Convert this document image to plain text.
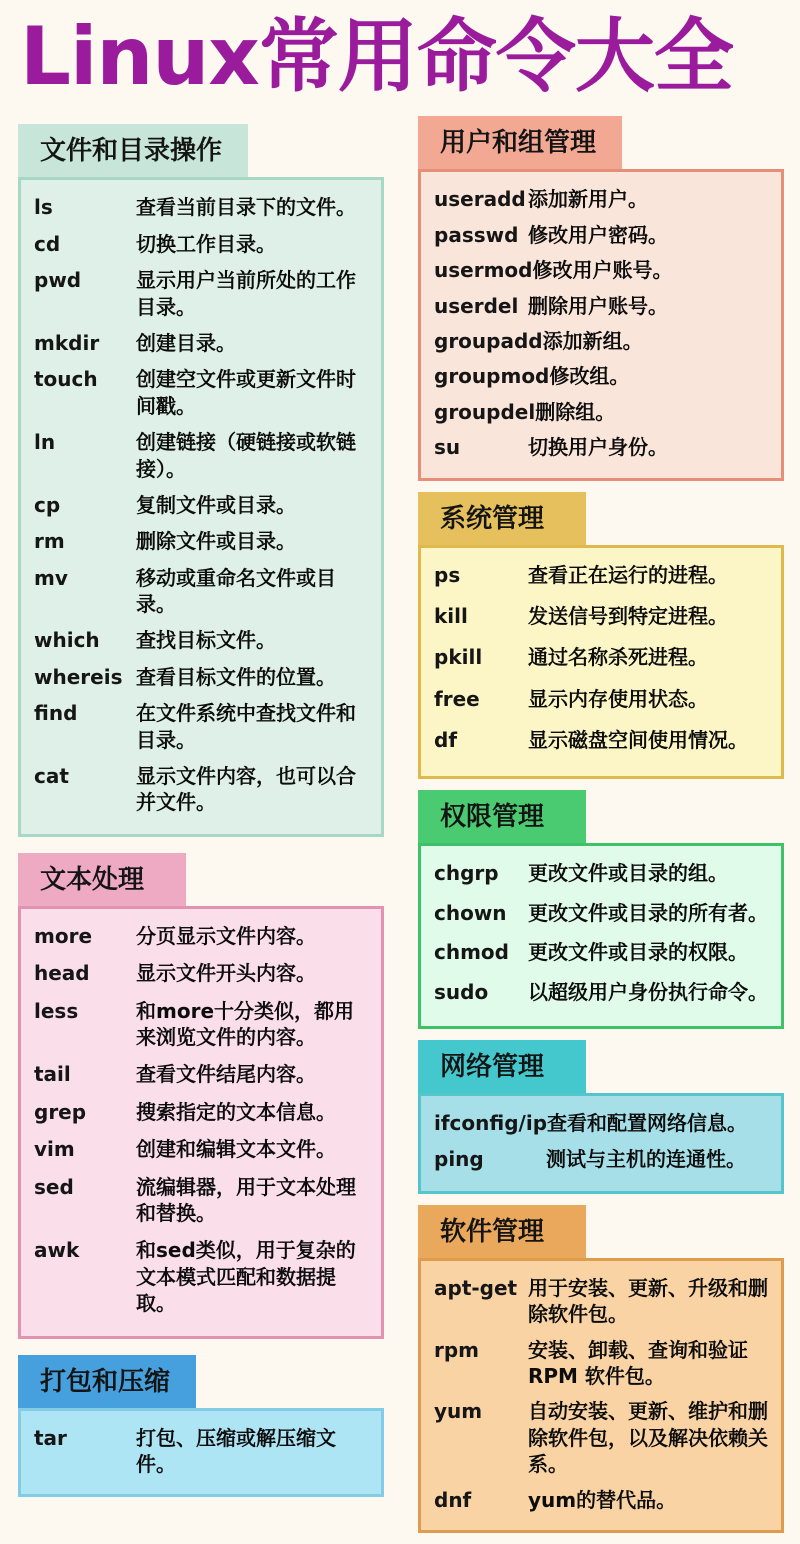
Linux常用命令大全
文件和目录操作
ls	查看当前目录下的文件。
cd	切换工作目录。
pwd	显示用户当前所处的工作目录。
mkdir	创建目录。
touch	创建空文件或更新文件时间戳。
ln	创建链接（硬链接或软链接）。
cp	复制文件或目录。
rm	删除文件或目录。
mv	移动或重命名文件或目录。
which	查找目标文件。
whereis 查看目标文件的位置。
find	在文件系统中查找文件和目录。
cat	显示文件内容，也可以合并文件。
文本处理
more	分页显示文件内容。
head	显示文件开头内容。
less	和more十分类似，都用来浏览文件的内容。
tail	查看文件结尾内容。
grep	搜索指定的文本信息。
vim	创建和编辑文本文件。
sed	流编辑器，用于文本处理和替换。
awk	和sed类似，用于复杂的文本模式匹配和数据提取。
打包和压缩
tar	打包、压缩或解压缩文件。
用户和组管理
useradd 添加新用户。
passwd 修改用户密码。
usermod 修改用户账号。
userdel 删除用户账号。
groupadd 添加新组。
groupmod 修改组。
groupdel 删除组。
su	切换用户身份。
系统管理
ps	查看正在运行的进程。
kill	发送信号到特定进程。
pkill	通过名称杀死进程。
free	显示内存使用状态。
df	显示磁盘空间使用情况。
权限管理
chgrp	更改文件或目录的组。
chown	更改文件或目录的所有者。
chmod 更改文件或目录的权限。
sudo	以超级用户身份执行命令。
网络管理
ifconfig/ip 查看和配置网络信息。
ping	测试与主机的连通性。
软件管理
apt-get 用于安装、更新、升级和删除软件包。
rpm	安装、卸载、查询和验证 RPM 软件包。
yum	自动安装、更新、维护和删除软件包，以及解决依赖关系。
dnf	yum的替代品。
